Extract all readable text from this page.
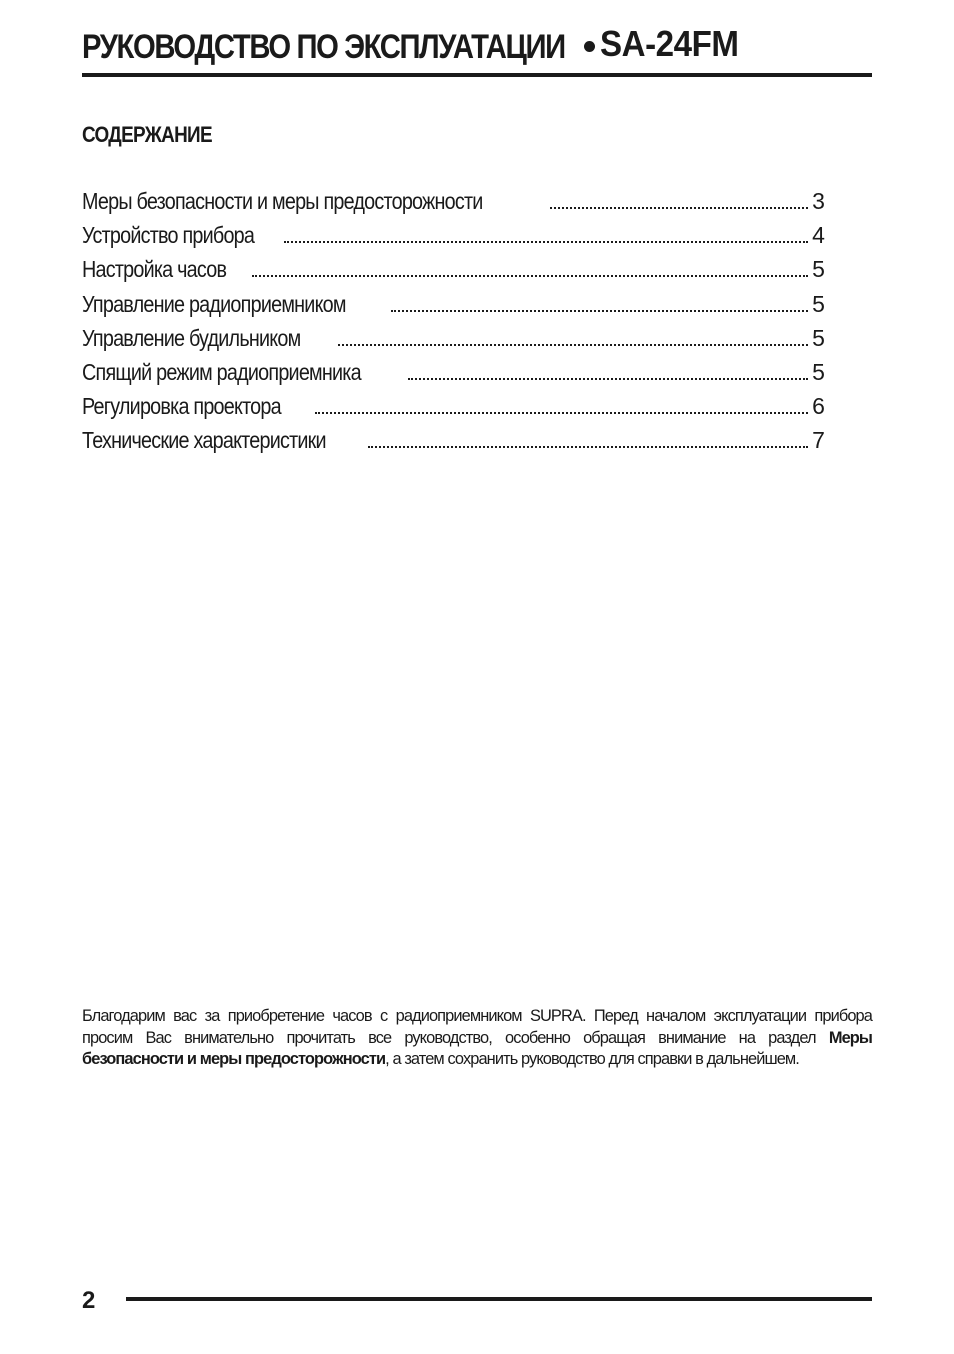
РУКОВОДСТВО ПО ЭКСПЛУАТАЦИИ SA-24FM
СОДЕРЖАНИЕ
Меры безопасности и меры предосторожности	3
Устройство прибора	4
Настройка часов	5
Управление радиоприемником	5
Управление будильником	5
Спящий режим радиоприемника	5
Регулировка проектора	6
Технические характеристики	7

Благодарим вас за приобретение часов с радиоприемником SUPRA. Перед началом эксплуатации прибора просим Вас внимательно прочитать все руководство, особенно обращая внимание на раздел Меры безопасности и меры предосторожности, а затем сохранить руководство для справки в дальнейшем.

2
